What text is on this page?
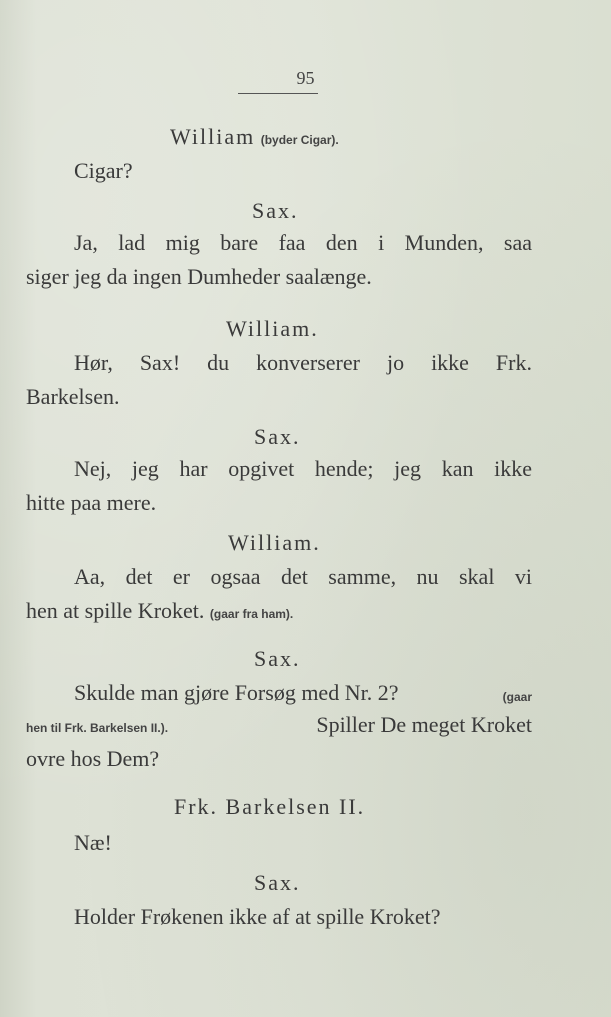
95
William (byder Cigar).
Cigar?
Sax.
Ja, lad mig bare faa den i Munden, saa
siger jeg da ingen Dumheder saalænge.
William.
Hør, Sax! du konverserer jo ikke Frk.
Barkelsen.
Sax.
Nej, jeg har opgivet hende; jeg kan ikke
hitte paa mere.
William.
Aa, det er ogsaa det samme, nu skal vi
hen at spille Kroket. (gaar fra ham).
Sax.
Skulde man gjøre Forsøg med Nr. 2?	(gaar
hen til Frk. Barkelsen II.).	Spiller De meget Kroket
ovre hos Dem?
Frk. Barkelsen II.
Næ!
Sax.
Holder Frøkenen ikke af at spille Kroket?
